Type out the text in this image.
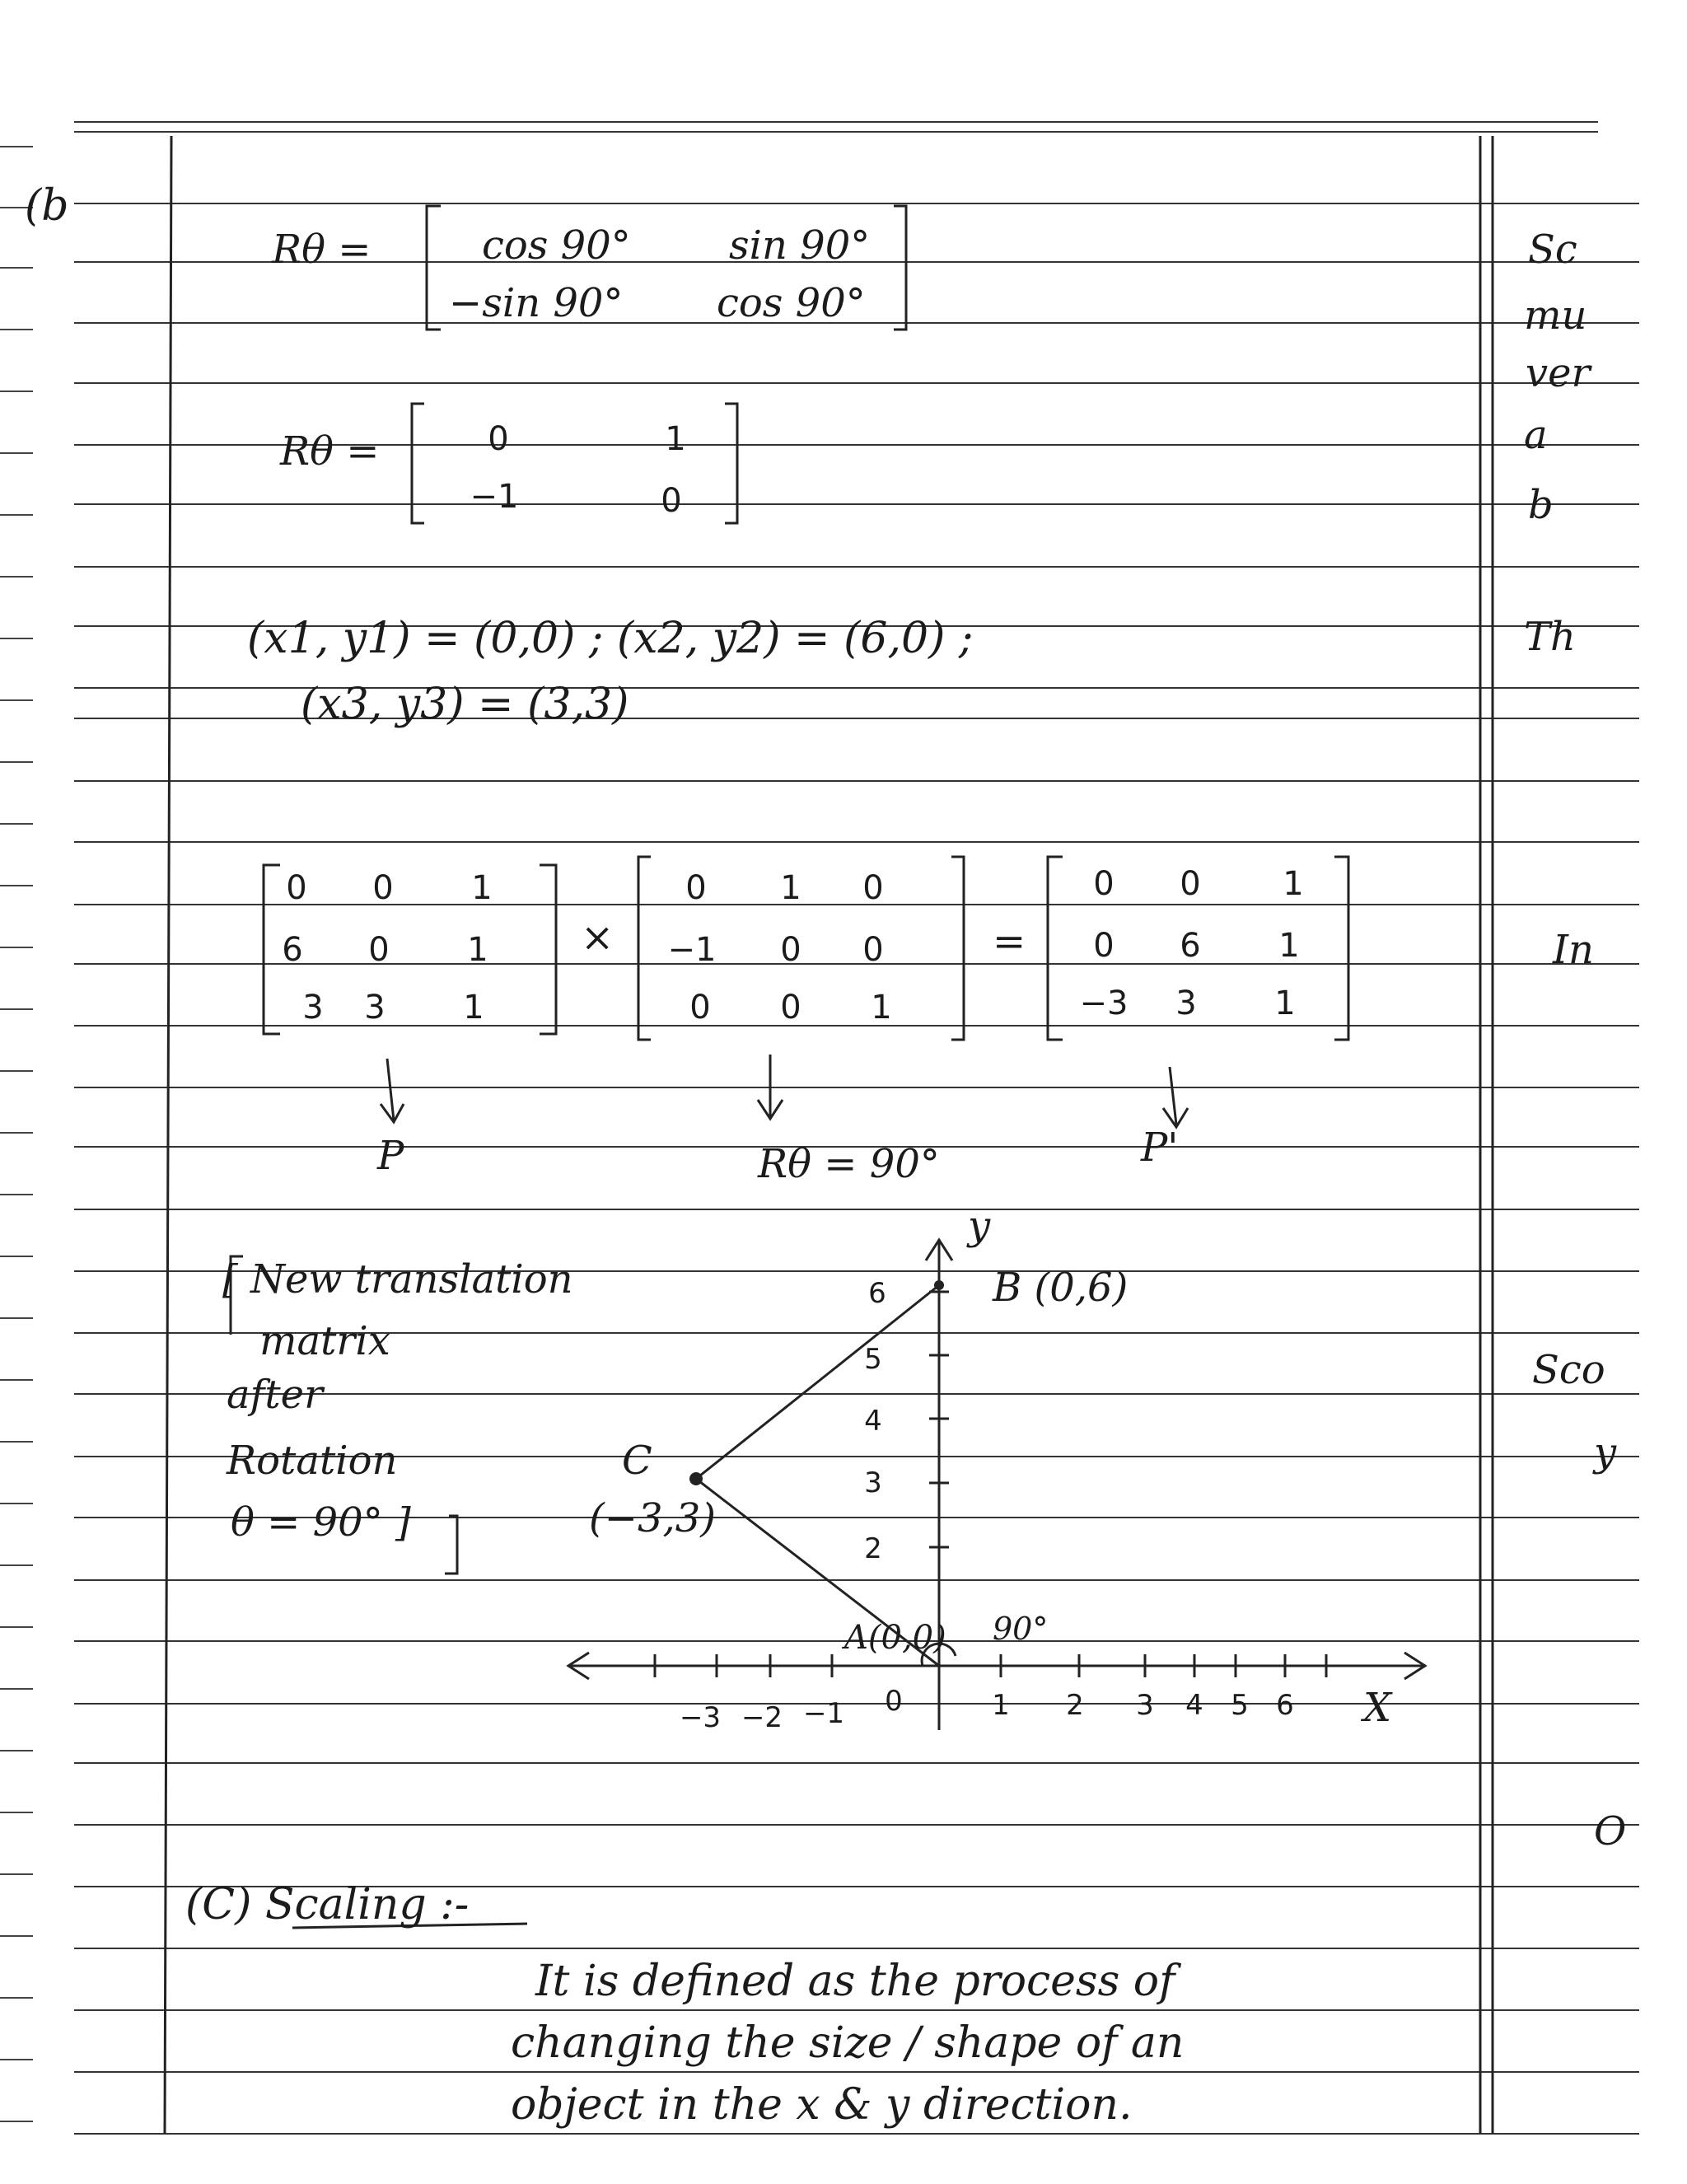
(b
Rθ =	cos 90° sin 90°
−sin 90° cos 90°
Rθ =	0	1
−1	0
(x1, y1) = (0,0) ; (x2, y2) = (6,0) ;
(x3, y3) = (3,3)
0	0	1
6	0	1
3	3	1
×
0	1	0
−1	0	0
0	0	1
=
0	0	1
0	6	1
−3	3	1
P	Rθ = 90°	P'
[ New translation
matrix
after
Rotation
θ = 90° ]
y
B (0,6)
C
(−3,3)
A(0,0) 90°
0	X
−3 −2 −1	1	2	3	4 5 6
2
3
4
5
6
(C) Scaling :-
It is defined as the process of
changing the size / shape of an
object in the x & y direction.
Sc
mu
ver
a
b
Th
In
Sco
y
O
